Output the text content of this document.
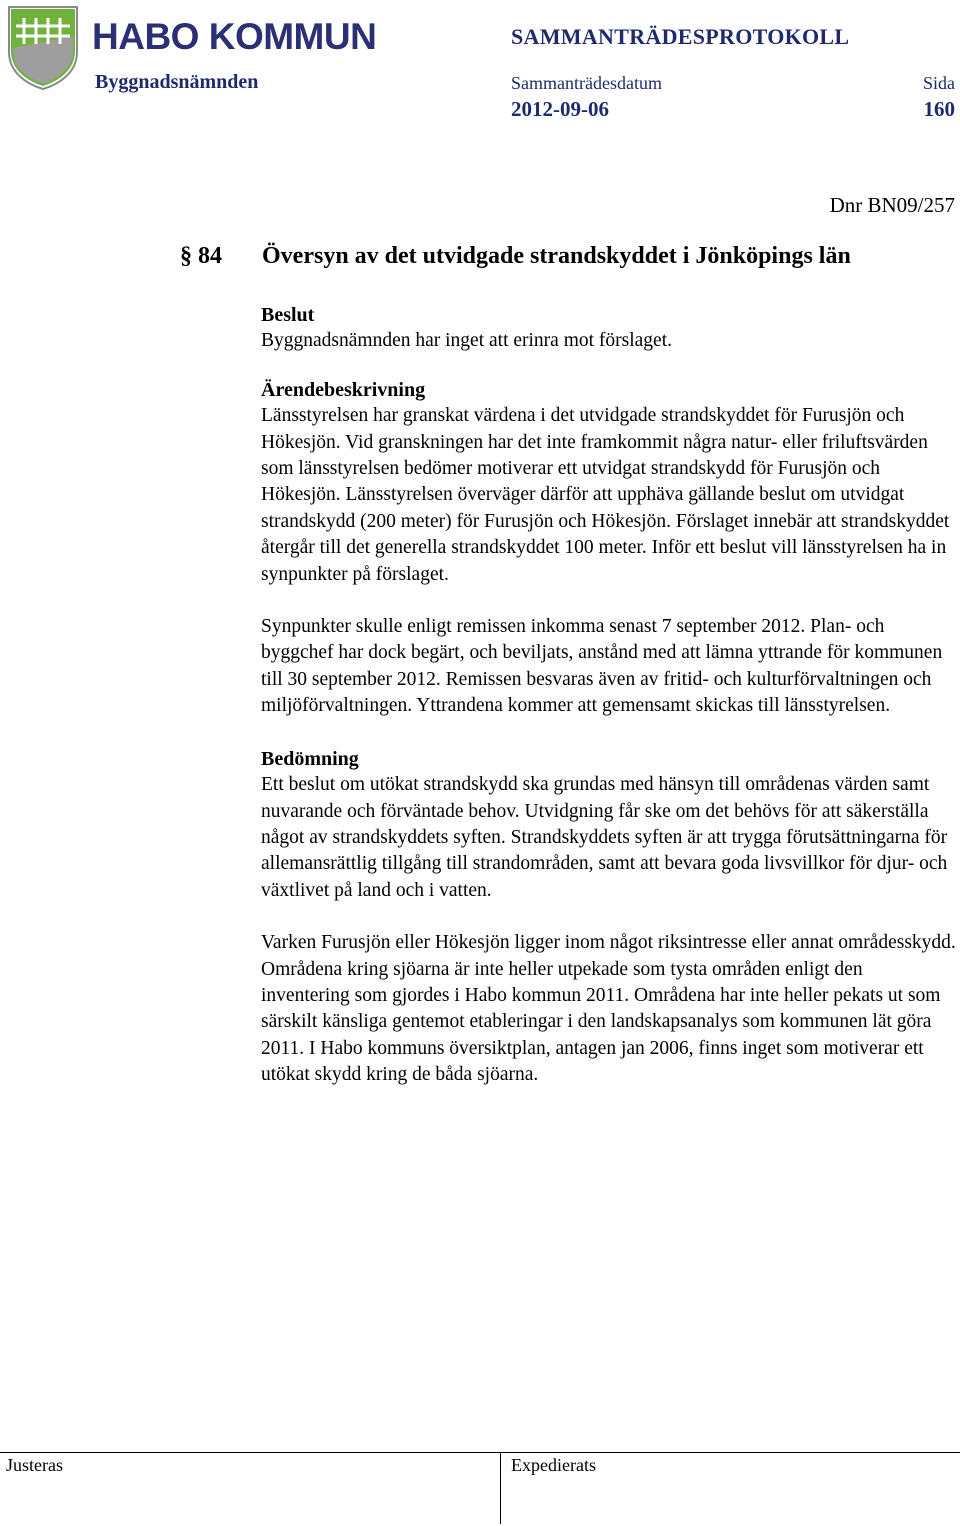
HABO KOMMUN	SAMMANTRÄDESPROTOKOLL
Byggnadsnämnden	Sammanträdesdatum
2012-09-06
Sida
160
Dnr BN09/257
§ 84 Översyn av det utvidgade strandskyddet i Jönköpings län
Beslut

Byggnadsnämnden har inget att erinra mot förslaget.

Ärendebeskrivning

Länsstyrelsen har granskat värdena i det utvidgade strandskyddet för Furusjön och Hökesjön. Vid granskningen har det inte framkommit några natur- eller friluftsvärden som länsstyrelsen bedömer motiverar ett utvidgat strandskydd för Furusjön och Hökesjön. Länsstyrelsen överväger därför att upphäva gällande beslut om utvidgat strandskydd (200 meter) för Furusjön och Hökesjön. Förslaget innebär att strandskyddet återgår till det generella strandskyddet 100 meter. Inför ett beslut vill länsstyrelsen ha in synpunkter på förslaget.

Synpunkter skulle enligt remissen inkomma senast 7 september 2012. Plan- och byggchef har dock begärt, och beviljats, anstånd med att lämna yttrande för kommunen till 30 september 2012. Remissen besvaras även av fritid- och kulturförvaltningen och miljöförvaltningen. Yttrandena kommer att gemensamt skickas till länsstyrelsen.

Bedömning

Ett beslut om utökat strandskydd ska grundas med hänsyn till områdenas värden samt nuvarande och förväntade behov. Utvidgning får ske om det behövs för att säkerställa något av strandskyddets syften. Strandskyddets syften är att trygga förutsättningarna för allemansrättlig tillgång till strandområden, samt att bevara goda livsvillkor för djur- och växtlivet på land och i vatten.

Varken Furusjön eller Hökesjön ligger inom något riksintresse eller annat områdesskydd. Områdena kring sjöarna är inte heller utpekade som tysta områden enligt den inventering som gjordes i Habo kommun 2011. Områdena har inte heller pekats ut som särskilt känsliga gentemot etableringar i den landskapsanalys som kommunen lät göra 2011. I Habo kommuns översiktplan, antagen jan 2006, finns inget som motiverar ett utökat skydd kring de båda sjöarna.

Justeras	Expedierats
